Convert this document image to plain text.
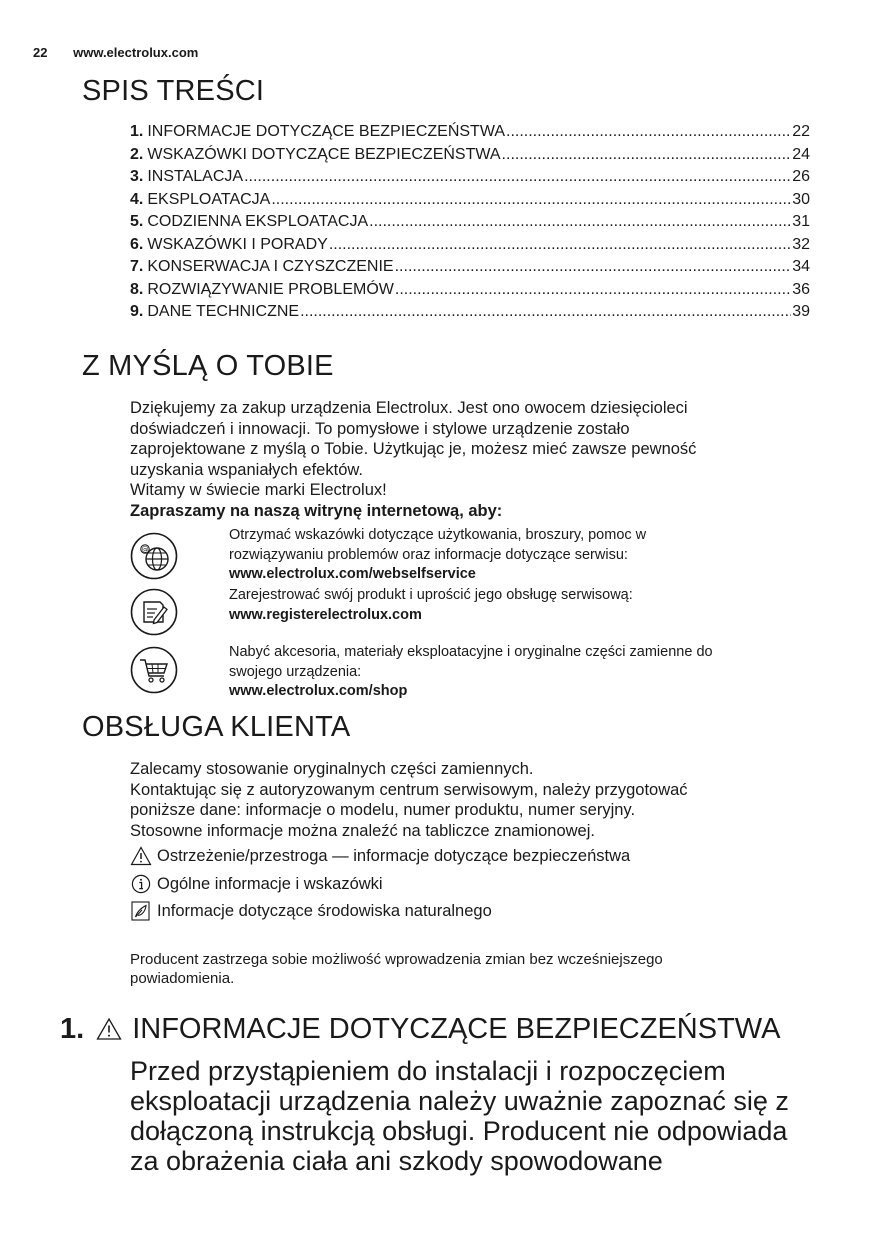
22 www.electrolux.com
SPIS TREŚCI
1. INFORMACJE DOTYCZĄCE BEZPIECZEŃSTWA .....	22
2. WSKAZÓWKI DOTYCZĄCE BEZPIECZEŃSTWA .....	24
3. INSTALACJA .....	26
4. EKSPLOATACJA .....	30
5. CODZIENNA EKSPLOATACJA .....	31
6. WSKAZÓWKI I PORADY .....	32
7. KONSERWACJA I CZYSZCZENIE .....	34
8. ROZWIĄZYWANIE PROBLEMÓW .....	36
9. DANE TECHNICZNE .....	39
Z MYŚLĄ O TOBIE
Dziękujemy za zakup urządzenia Electrolux. Jest ono owocem dziesięcioleci
doświadczeń i innowacji. To pomysłowe i stylowe urządzenie zostało
zaprojektowane z myślą o Tobie. Użytkując je, możesz mieć zawsze pewność
uzyskania wspaniałych efektów.
Witamy w świecie marki Electrolux!
Zapraszamy na naszą witrynę internetową, aby:
@
Otrzymać wskazówki dotyczące użytkowania, broszury, pomoc w
rozwiązywaniu problemów oraz informacje dotyczące serwisu:
www.electrolux.com/webselfservice
Zarejestrować swój produkt i uprościć jego obsługę serwisową:
www.registerelectrolux.com
Nabyć akcesoria, materiały eksploatacyjne i oryginalne części zamienne do
swojego urządzenia:
www.electrolux.com/shop
OBSŁUGA KLIENTA
Zalecamy stosowanie oryginalnych części zamiennych.
Kontaktując się z autoryzowanym centrum serwisowym, należy przygotować
poniższe dane: informacje o modelu, numer produktu, numer seryjny.
Stosowne informacje można znaleźć na tabliczce znamionowej.
Ostrzeżenie/przestroga — informacje dotyczące bezpieczeństwa
Ogólne informacje i wskazówki
Informacje dotyczące środowiska naturalnego
Producent zastrzega sobie możliwość wprowadzenia zmian bez wcześniejszego
powiadomienia.
1. INFORMACJE DOTYCZĄCE BEZPIECZEŃSTWA
Przed przystąpieniem do instalacji i rozpoczęciem
eksploatacji urządzenia należy uważnie zapoznać się z
dołączoną instrukcją obsługi. Producent nie odpowiada
za obrażenia ciała ani szkody spowodowane
